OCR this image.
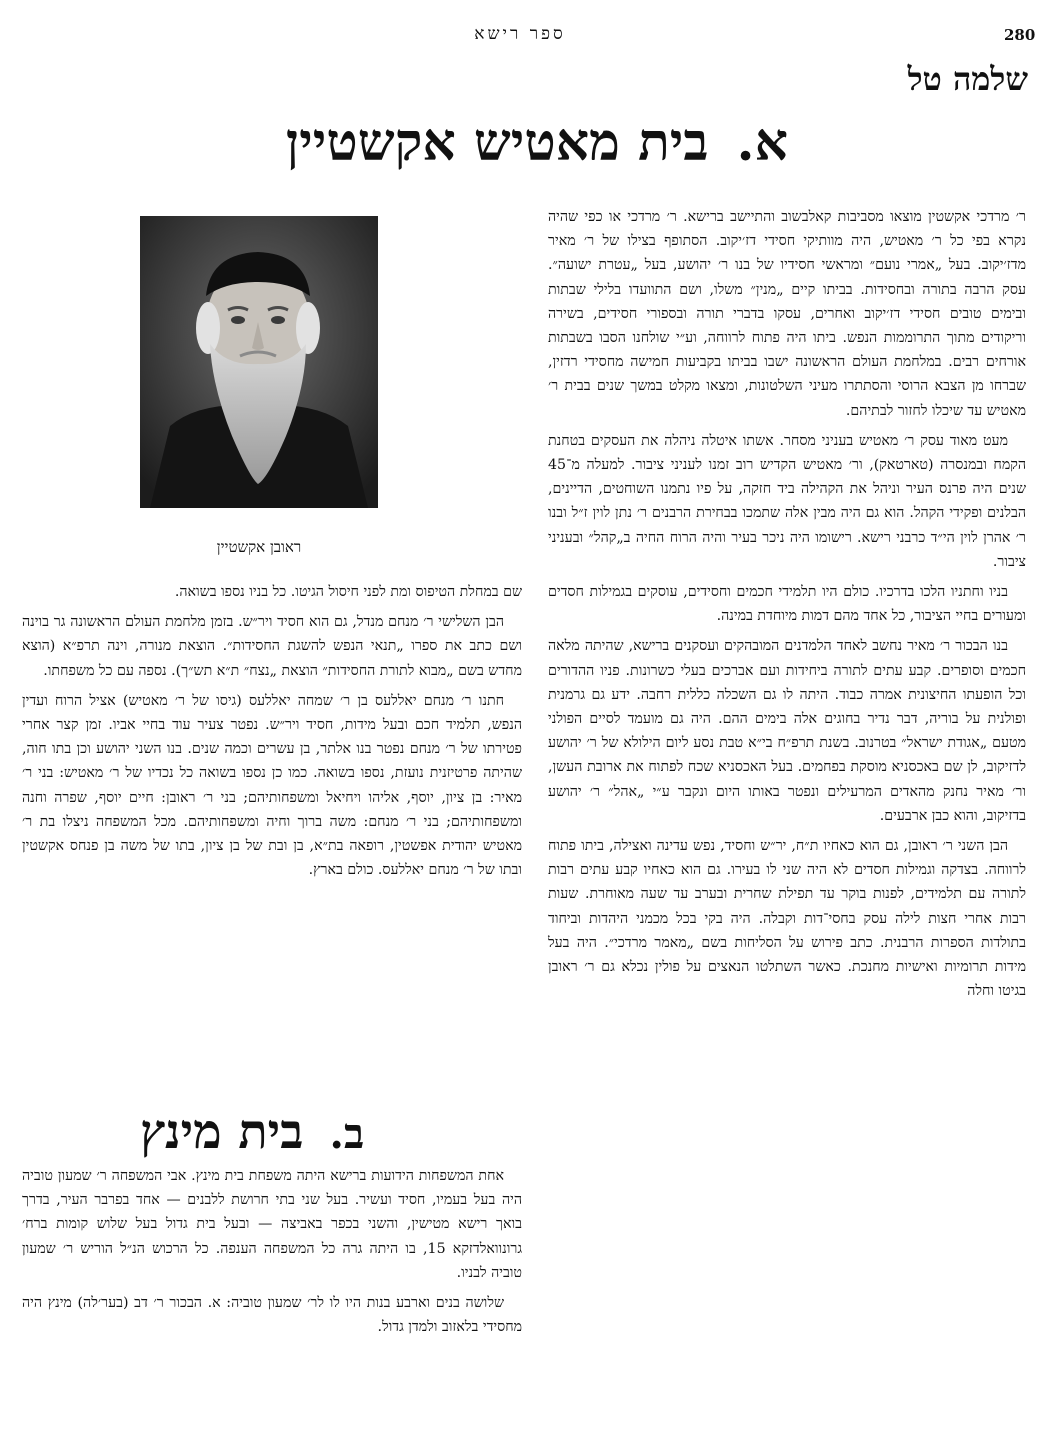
280
ספר רישא
שלמה טל
א.בית מאטיש אקשטיין

ר׳ מרדכי אקשטין מוצאו מסביבות קאלבשוב והתיישב ברישא. ר׳ מרדכי או כפי שהיה נקרא בפי כל ר׳ מאטיש, היה מוותיקי חסידי דז׳יקוב. הסתופף בצילו של ר׳ מאיר מדז׳יקוב. בעל „אמרי נועם״ ומראשי חסידיו של בנו ר׳ יהושע, בעל „עטרת ישועה״. עסק הרבה בתורה ובחסידות. בביתו קיים „מנין״ משלו, ושם התוועדו בלילי שבתות ובימים טובים חסידי דז׳יקוב ואחרים, עסקו בדברי תורה ובספורי חסידים, בשירה וריקודים מתוך התרוממות הנפש. ביתו היה פתוח לרווחה, וע״י שולחנו הסבו בשבתות אורחים רבים. במלחמת העולם הראשונה ישבו בביתו בקביעות חמישה מחסידי רדזין, שברחו מן הצבא הרוסי והסתתרו מעיני השלטונות, ומצאו מקלט במשך שנים בבית ר׳ מאטיש עד שיכלו לחזור לבתיהם.

מעט מאוד עסק ר׳ מאטיש בעניני מסחר. אשתו איטלה ניהלה את העסקים בטחנת הקמח ובמנסרה (טארטאק), ור׳ מאטיש הקדיש רוב זמנו לעניני ציבור. למעלה מ־45 שנים היה פרנס העיר וניהל את הקהילה ביד חזקה, על פיו נתמנו השוחטים, הדיינים, הבלנים ופקידי הקהל. הוא גם היה מבין אלה שתמכו בבחירת הרבנים ר׳ נתן לוין ז״ל ובנו ר׳ אהרן לוין הי״ד כרבני רישא. רישומו היה ניכר בעיר והיה הרוח החיה ב„קהל״ ובעניני ציבור.

בניו וחתניו הלכו בדרכיו. כולם היו תלמידי חכמים וחסידים, עוסקים בגמילות חסדים ומעורים בחיי הציבור, כל אחד מהם דמות מיוחדת במינה.

בנו הבכור ר׳ מאיר נחשב לאחד הלמדנים המובהקים ועסקנים ברישא, שהיתה מלאה חכמים וסופרים. קבע עתים לתורה ביחידות ועם אברכים בעלי כשרונות. פניו ההדורים וכל הופעתו החיצונית אמרה כבוד. היתה לו גם השכלה כללית רחבה. ידע גם גרמנית ופולנית על בוריה, דבר נדיר בחוגים אלה בימים ההם. היה גם מועמד לסיים הפולני מטעם „אגודת ישראל״ בטרנוב. בשנת תרפ״ח בי״א טבת נסע ליום הילולא של ר׳ יהושע לדזיקוב, לן שם באכסניא מוסקת בפחמים. בעל האכסניא שכח לפתוח את ארובת העשן, ור׳ מאיר נחנק מהאדים המרעילים ונפטר באותו היום ונקבר ע״י „אהל״ ר׳ יהושע בדזיקוב, והוא כבן ארבעים.

הבן השני ר׳ ראובן, גם הוא כאחיו ת״ח, יר״ש וחסיד, נפש עדינה ואצילה, ביתו פתוח לרווחה. בצדקה וגמילות חסדים לא היה שני לו בעירו. גם הוא כאחיו קבע עתים רבות לתורה עם תלמידים, לפנות בוקר עד תפילת שחרית ובערב עד שעה מאוחרת. שעות רבות אחרי חצות לילה עסק בחסי־דות וקבלה. היה בקי בכל מכמני היהדות וביחוד בתולדות הספרות הרבנית. כתב פירוש על הסליחות בשם „מאמר מרדכי״. היה בעל מידות תרומיות ואישיות מחנכת. כאשר השתלטו הנאצים על פולין נכלא גם ר׳ ראובן בגיטו וחלה

ראובן אקשטיין

שם במחלת הטיפוס ומת לפני חיסול הגיטו. כל בניו נספו בשואה.

הבן השלישי ר׳ מנחם מנדל, גם הוא חסיד ויר״ש. בזמן מלחמת העולם הראשונה גר בוינה ושם כתב את ספרו „תנאי הנפש להשגת החסידות״. הוצאת מנורה, וינה תרפ״א (הוצא מחדש בשם „מבוא לתורת החסידות״ הוצאת „נצח״ ת״א תש״ך). נספה עם כל משפחתו.

חתנו ר׳ מנחם יאללעס בן ר׳ שמחה יאללעס (גיסו של ר׳ מאטיש) אציל הרוח ועדין הנפש, תלמיד חכם ובעל מידות, חסיד ויר״ש. נפטר צעיר עוד בחיי אביו. זמן קצר אחרי פטירתו של ר׳ מנחם נפטר בנו אלתר, בן עשרים וכמה שנים. בנו השני יהושע וכן בתו חוה, שהיתה פרטיזנית נועזת, נספו בשואה. כמו כן נספו בשואה כל נכדיו של ר׳ מאטיש: בני ר׳ מאיר: בן ציון, יוסף, אליהו ויחיאל ומשפחותיהם; בני ר׳ ראובן: חיים יוסף, שפרה וחנה ומשפחותיהם; בני ר׳ מנחם: משה ברוך וחיה ומשפחותיהם. מכל המשפחה ניצלו בת ר׳ מאטיש יהודית אפשטין, רופאה בת״א, בן ובת של בן ציון, בתו של משה בן פנחס אקשטין ובתו של ר׳ מנחם יאללעס. כולם בארץ.

ב.בית מינץ

אחת המשפחות הידועות ברישא היתה משפחת בית מינץ. אבי המשפחה ר׳ שמעון טוביה היה בעל בעמיו, חסיד ועשיר. בעל שני בתי חרושת ללבנים — אחד בפרבר העיר, בדרך בואך רישא מטישין, והשני בכפר באביצה — ובעל בית גדול בעל שלוש קומות ברח׳ גרונוואלדזקא 15, בו היתה גרה כל המשפחה הענפה. כל הרכוש הנ״ל הוריש ר׳ שמעון טוביה לבניו.

שלושה בנים וארבע בנות היו לו לר׳ שמעון טוביה: א. הבכור ר׳ דב (בער׳לה) מינץ היה מחסידי בלאזוב ולמדן גדול.
